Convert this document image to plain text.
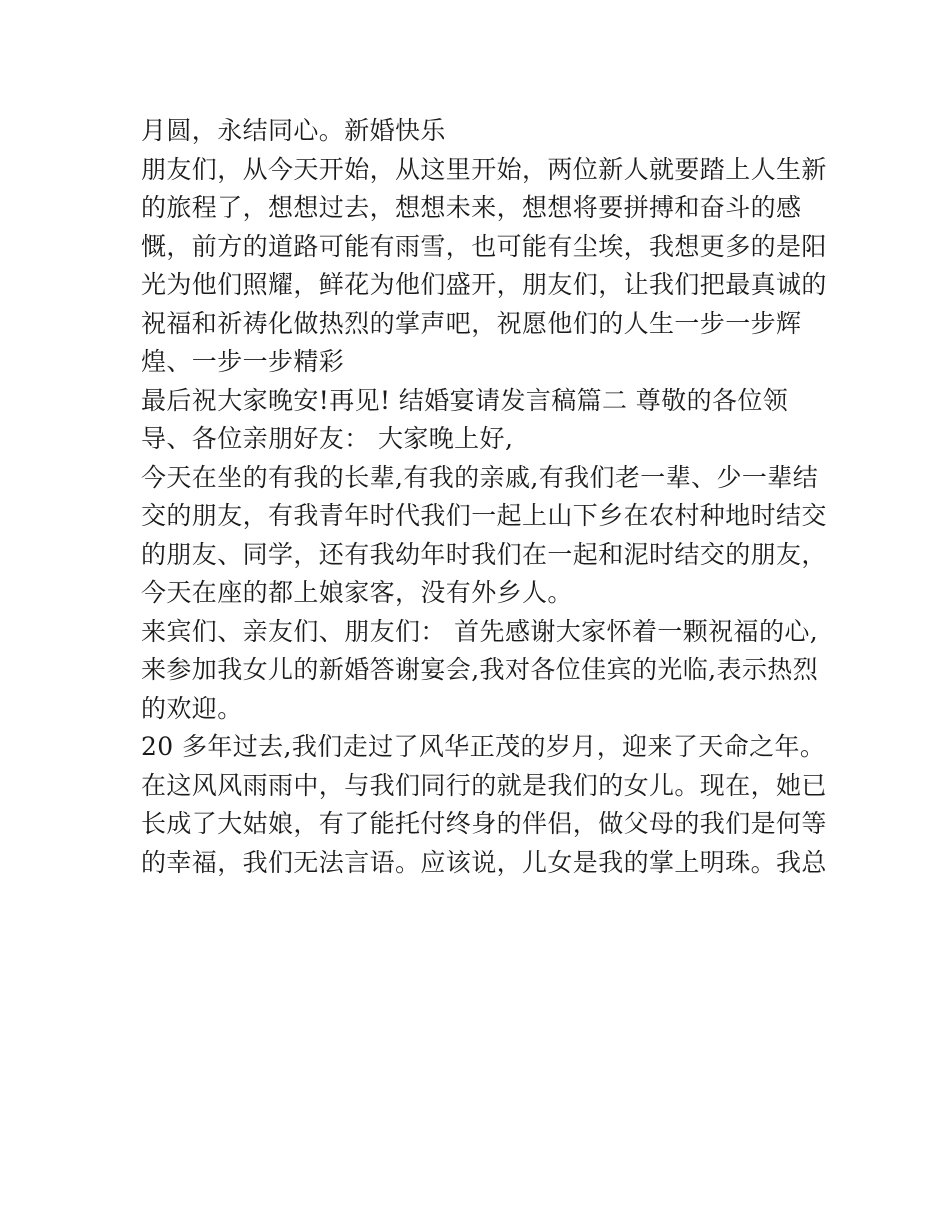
月圆，永结同心。新婚快乐
朋友们，从今天开始，从这里开始，两位新人就要踏上人生新
的旅程了，想想过去，想想未来，想想将要拼搏和奋斗的感
慨，前方的道路可能有雨雪，也可能有尘埃，我想更多的是阳
光为他们照耀，鲜花为他们盛开，朋友们，让我们把最真诚的
祝福和祈祷化做热烈的掌声吧，祝愿他们的人生一步一步辉
煌、一步一步精彩
最后祝大家晚安!再见! 结婚宴请发言稿篇二 尊敬的各位领
导、各位亲朋好友： 大家晚上好,
今天在坐的有我的长辈,有我的亲戚,有我们老一辈、少一辈结
交的朋友，有我青年时代我们一起上山下乡在农村种地时结交
的朋友、同学，还有我幼年时我们在一起和泥时结交的朋友，
今天在座的都上娘家客，没有外乡人。
来宾们、亲友们、朋友们： 首先感谢大家怀着一颗祝福的心,
来参加我女儿的新婚答谢宴会,我对各位佳宾的光临,表示热烈
的欢迎。
20 多年过去,我们走过了风华正茂的岁月，迎来了天命之年。
在这风风雨雨中，与我们同行的就是我们的女儿。现在，她已
长成了大姑娘，有了能托付终身的伴侣，做父母的我们是何等
的幸福，我们无法言语。应该说，儿女是我的掌上明珠。我总
